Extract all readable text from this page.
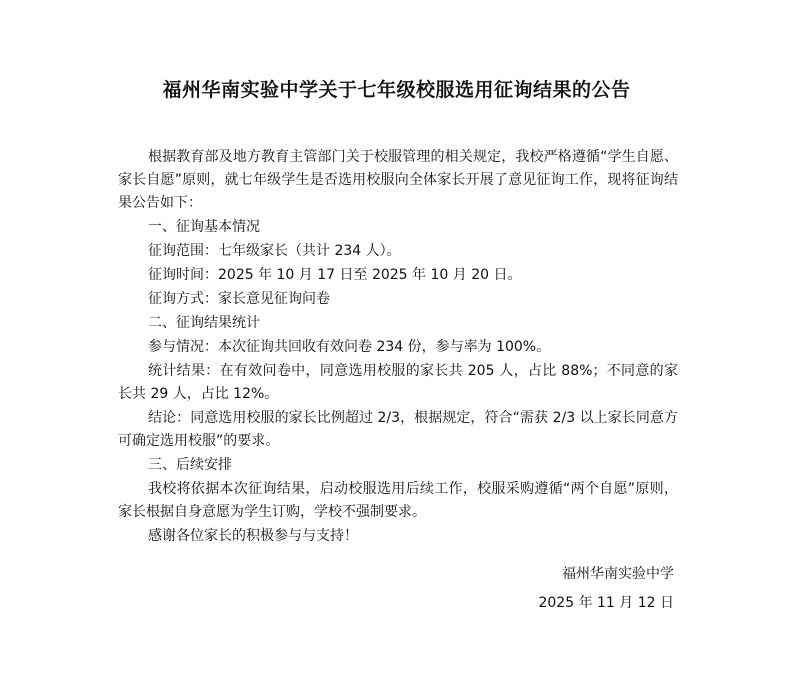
福州华南实验中学关于七年级校服选用征询结果的公告

根据教育部及地方教育主管部门关于校服管理的相关规定，我校严格遵循“学生自愿、家长自愿”原则，就七年级学生是否选用校服向全体家长开展了意见征询工作，现将征询结果公告如下：

一、征询基本情况

征询范围：七年级家长（共计 234 人）。

征询时间：2025 年 10 月 17 日至 2025 年 10 月 20 日。

征询方式：家长意见征询问卷

二、征询结果统计

参与情况：本次征询共回收有效问卷 234 份，参与率为 100%。

统计结果：在有效问卷中，同意选用校服的家长共 205 人，占比 88%；不同意的家长共 29 人，占比 12%。

结论：同意选用校服的家长比例超过 2/3，根据规定，符合“需获 2/3 以上家长同意方可确定选用校服”的要求。

三、后续安排

我校将依据本次征询结果，启动校服选用后续工作，校服采购遵循“两个自愿”原则，家长根据自身意愿为学生订购，学校不强制要求。

感谢各位家长的积极参与与支持！

福州华南实验中学
2025 年 11 月 12 日
